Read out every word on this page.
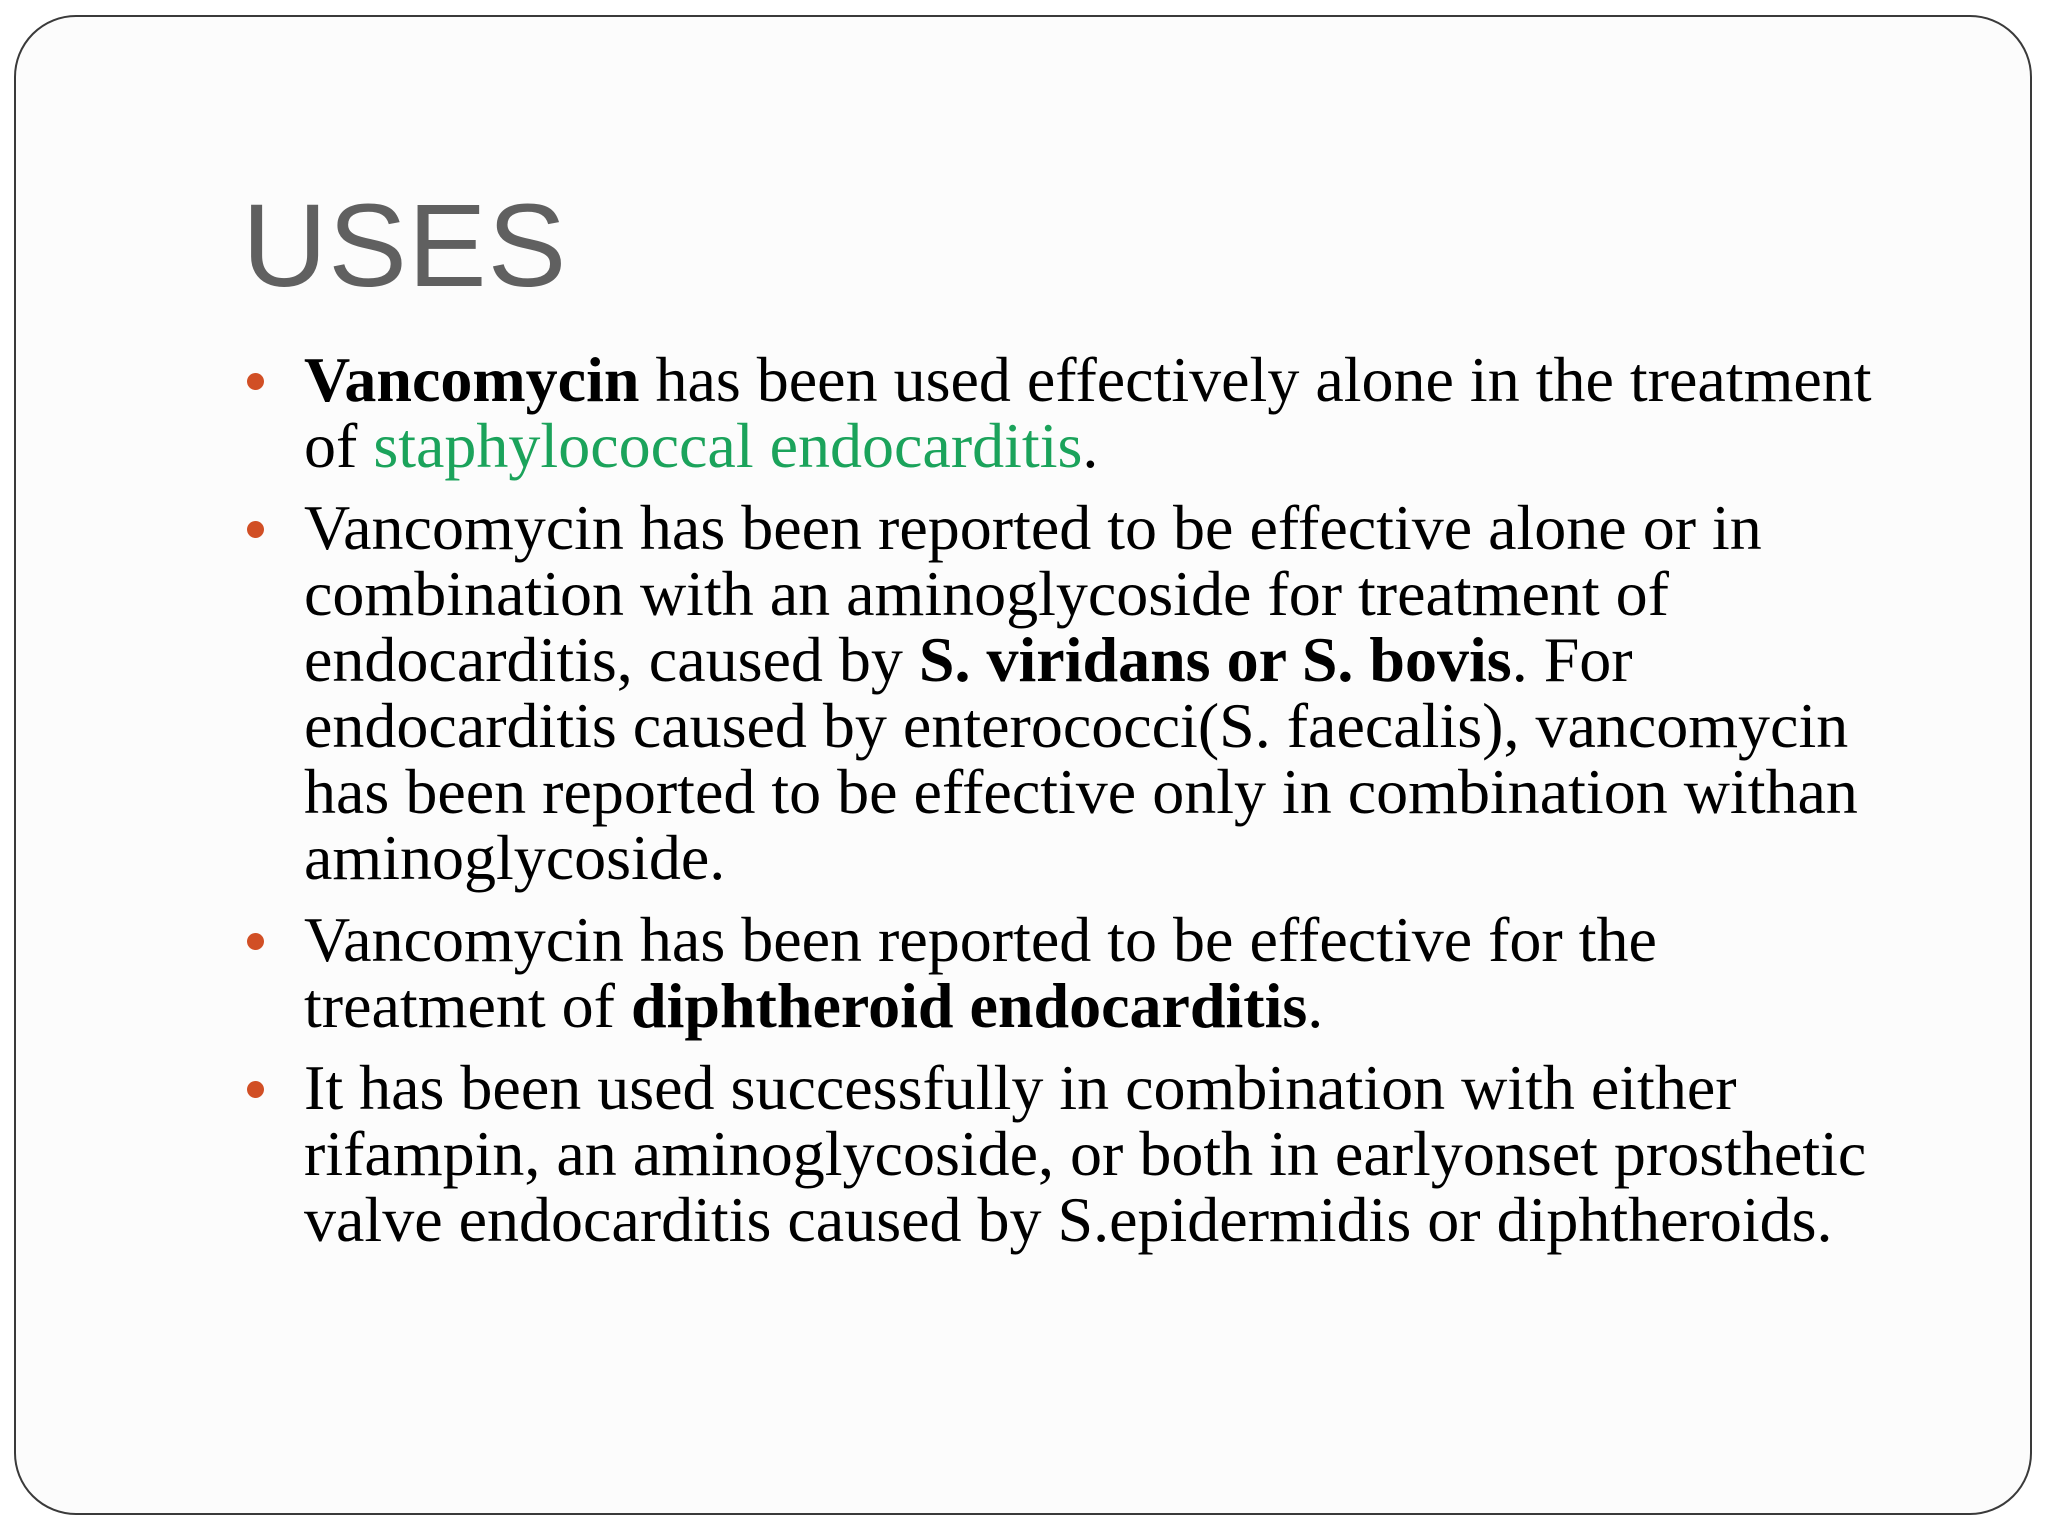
USES
Vancomycin has been used effectively alone in the treatment of staphylococcal endocarditis.
Vancomycin has been reported to be effective alone or in combination with an aminoglycoside for treatment of endocarditis, caused by S. viridans or S. bovis. For endocarditis caused by enterococci(S. faecalis), vancomycin has been reported to be effective only in combination withan aminoglycoside.
Vancomycin has been reported to be effective for the treatment of diphtheroid endocarditis.
It has been used successfully in combination with either rifampin, an aminoglycoside, or both in earlyonset prosthetic valve endocarditis caused by S.epidermidis or diphtheroids.
